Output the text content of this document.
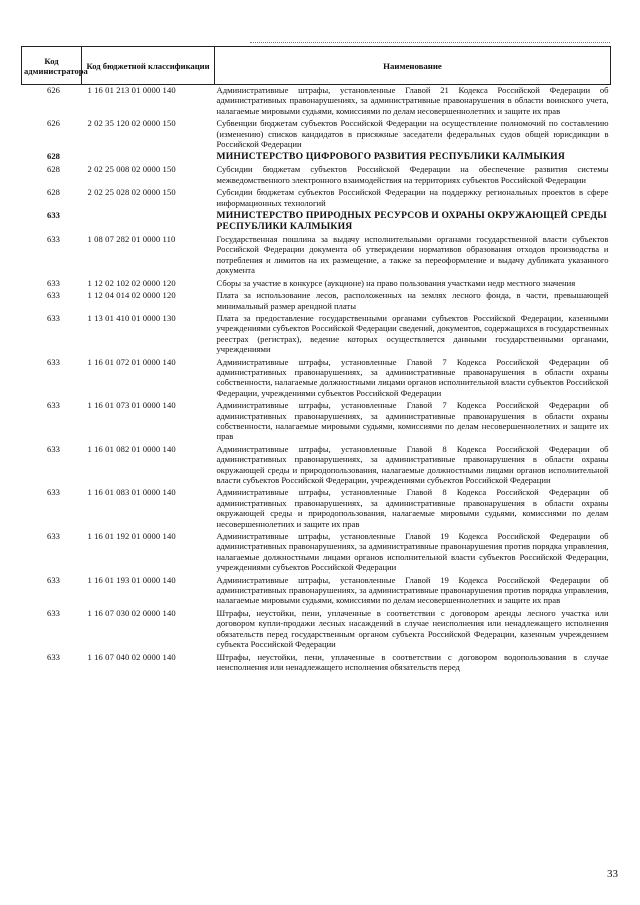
Код администратора	Код бюджетной классификации	Наименование
626	1 16 01 213 01 0000 140	Административные штрафы, установленные Главой 21 Кодекса Российской Федерации об административных правонарушениях, за административные правонарушения в области воинского учета, налагаемые мировыми судьями, комиссиями по делам несовершеннолетних и защите их прав
626	2 02 35 120 02 0000 150	Субвенции бюджетам субъектов Российской Федерации на осуществление полномочий по составлению (изменению) списков кандидатов в присяжные заседатели федеральных судов общей юрисдикции в Российской Федерации
628		МИНИСТЕРСТВО ЦИФРОВОГО РАЗВИТИЯ РЕСПУБЛИКИ КАЛМЫКИЯ
628	2 02 25 008 02 0000 150	Субсидии бюджетам субъектов Российской Федерации на обеспечение развития системы межведомственного электронного взаимодействия на территориях субъектов Российской Федерации
628	2 02 25 028 02 0000 150	Субсидии бюджетам субъектов Российской Федерации на поддержку региональных проектов в сфере информационных технологий
633		МИНИСТЕРСТВО ПРИРОДНЫХ РЕСУРСОВ И ОХРАНЫ ОКРУЖАЮЩЕЙ СРЕДЫ РЕСПУБЛИКИ КАЛМЫКИЯ
633	1 08 07 282 01 0000 110	Государственная пошлина за выдачу исполнительными органами государственной власти субъектов Российской Федерации документа об утверждении нормативов образования отходов производства и потребления и лимитов на их размещение, а также за переоформление и выдачу дубликата указанного документа
633	1 12 02 102 02 0000 120	Сборы за участие в конкурсе (аукционе) на право пользования участками недр местного значения
633	1 12 04 014 02 0000 120	Плата за использование лесов, расположенных на землях лесного фонда, в части, превышающей минимальный размер арендной платы
633	1 13 01 410 01 0000 130	Плата за предоставление государственными органами субъектов Российской Федерации, казенными учреждениями субъектов Российской Федерации сведений, документов, содержащихся в государственных реестрах (регистрах), ведение которых осуществляется данными государственными органами, учреждениями
633	1 16 01 072 01 0000 140	Административные штрафы, установленные Главой 7 Кодекса Российской Федерации об административных правонарушениях, за административные правонарушения в области охраны собственности, налагаемые должностными лицами органов исполнительной власти субъектов Российской Федерации, учреждениями субъектов Российской Федерации
633	1 16 01 073 01 0000 140	Административные штрафы, установленные Главой 7 Кодекса Российской Федерации об административных правонарушениях, за административные правонарушения в области охраны собственности, налагаемые мировыми судьями, комиссиями по делам несовершеннолетних и защите их прав
633	1 16 01 082 01 0000 140	Административные штрафы, установленные Главой 8 Кодекса Российской Федерации об административных правонарушениях, за административные правонарушения в области охраны окружающей среды и природопользования, налагаемые должностными лицами органов исполнительной власти субъектов Российской Федерации, учреждениями субъектов Российской Федерации
633	1 16 01 083 01 0000 140	Административные штрафы, установленные Главой 8 Кодекса Российской Федерации об административных правонарушениях, за административные правонарушения в области охраны окружающей среды и природопользования, налагаемые мировыми судьями, комиссиями по делам несовершеннолетних и защите их прав
633	1 16 01 192 01 0000 140	Административные штрафы, установленные Главой 19 Кодекса Российской Федерации об административных правонарушениях, за административные правонарушения против порядка управления, налагаемые должностными лицами органов исполнительной власти субъектов Российской Федерации, учреждениями субъектов Российской Федерации
633	1 16 01 193 01 0000 140	Административные штрафы, установленные Главой 19 Кодекса Российской Федерации об административных правонарушениях, за административные правонарушения против порядка управления, налагаемые мировыми судьями, комиссиями по делам несовершеннолетних и защите их прав
633	1 16 07 030 02 0000 140	Штрафы, неустойки, пени, уплаченные в соответствии с договором аренды лесного участка или договором купли-продажи лесных насаждений в случае неисполнения или ненадлежащего исполнения обязательств перед государственным органом субъекта Российской Федерации, казенным учреждением субъекта Российской Федерации
633	1 16 07 040 02 0000 140	Штрафы, неустойки, пени, уплаченные в соответствии с договором водопользования в случае неисполнения или ненадлежащего исполнения обязательств перед
33
